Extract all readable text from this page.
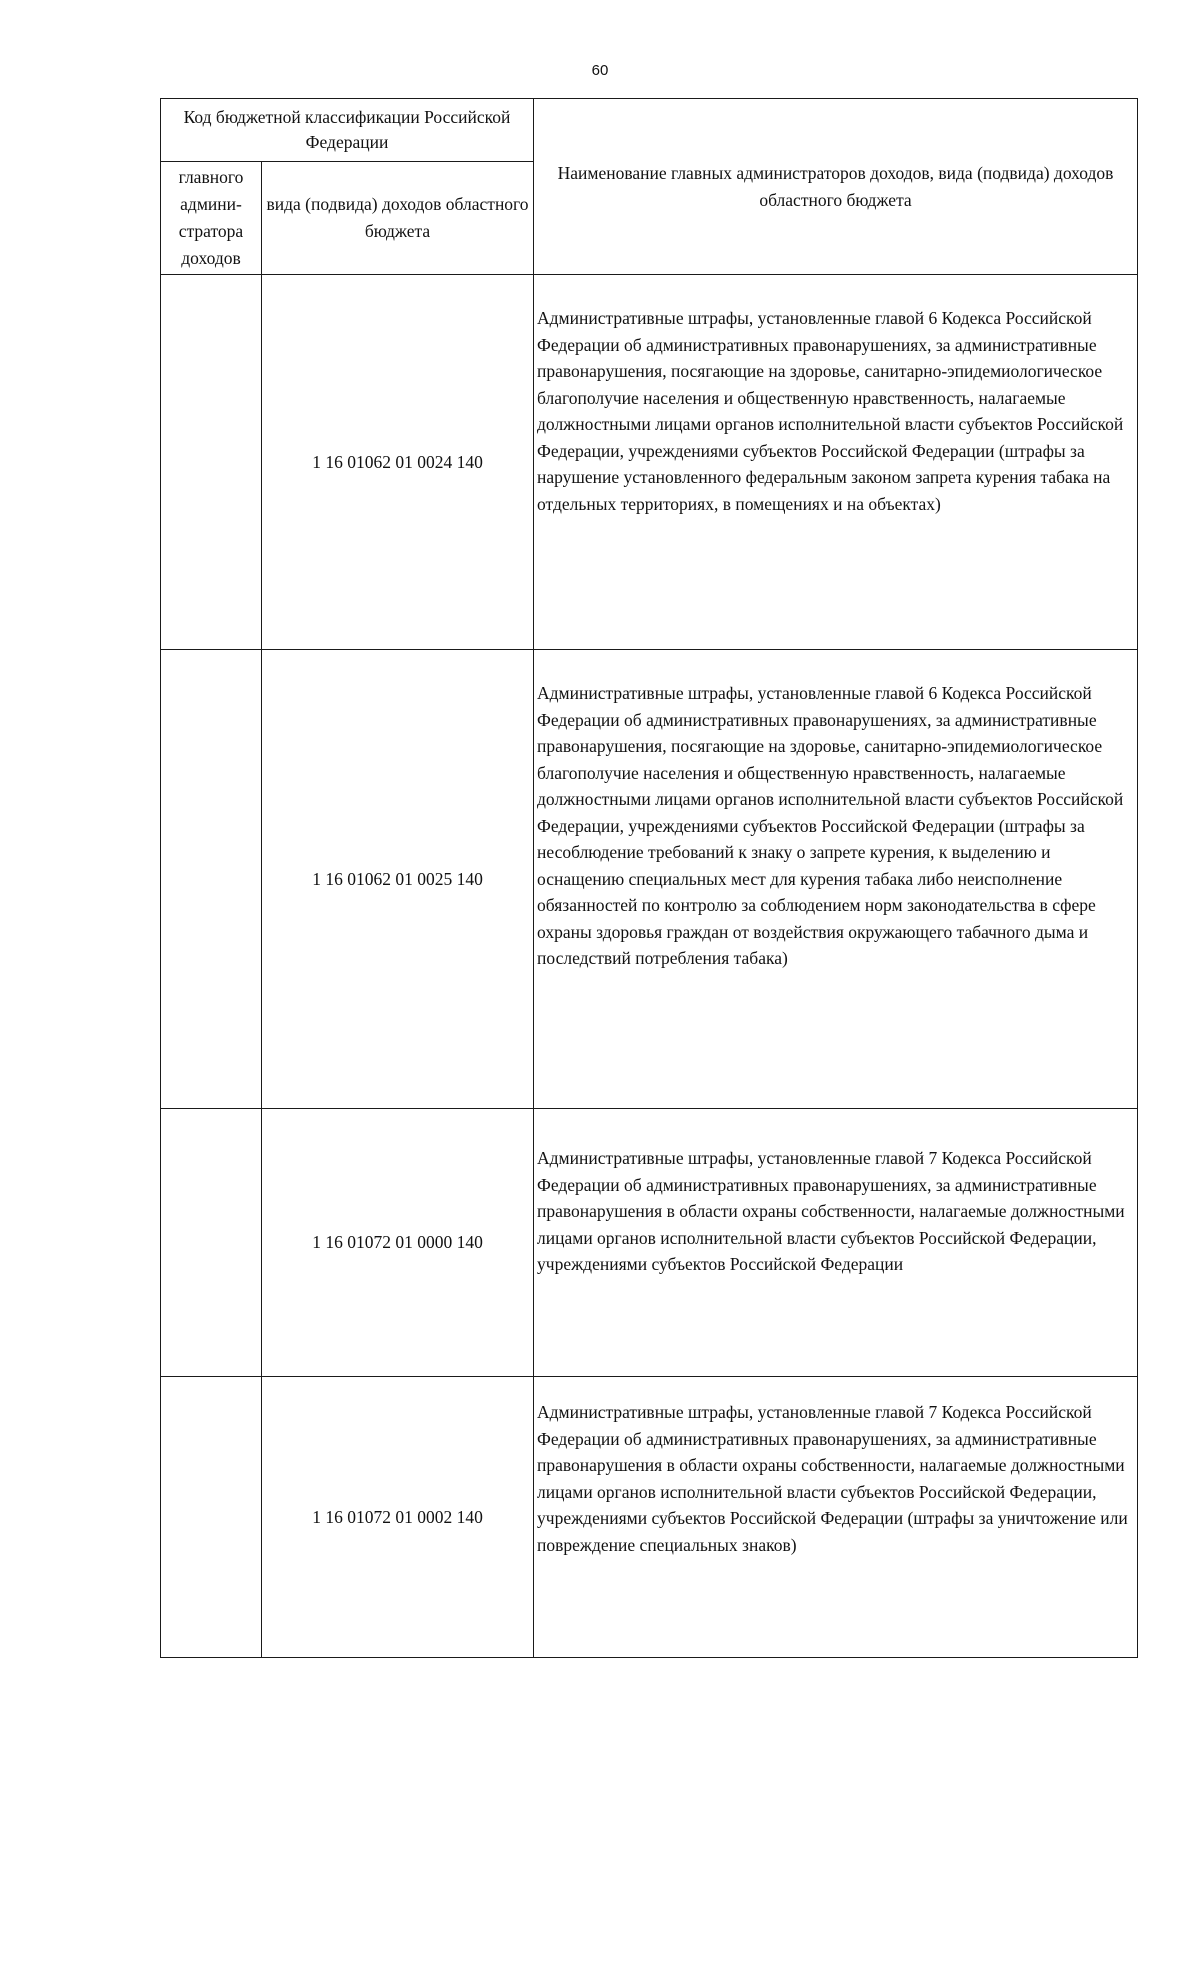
60
Код бюджетной классификации Российской Федерации		Наименование главных администраторов доходов, вида (подвида) доходов областного бюджета
главного админи-стратора доходов	вида (подвида) доходов областного бюджета	
	1 16 01062 01 0024 140	Административные штрафы, установленные главой 6 Кодекса Российской Федерации об административных правонарушениях, за административные правонарушения, посягающие на здоровье, санитарно-эпидемиологическое благополучие населения и общественную нравственность, налагаемые должностными лицами органов исполнительной власти субъектов Российской Федерации, учреждениями субъектов Российской Федерации (штрафы за нарушение установленного федеральным законом запрета курения табака на отдельных территориях, в помещениях и на объектах)
	1 16 01062 01 0025 140	Административные штрафы, установленные главой 6 Кодекса Российской Федерации об административных правонарушениях, за административные правонарушения, посягающие на здоровье, санитарно-эпидемиологическое благополучие населения и общественную нравственность, налагаемые должностными лицами органов исполнительной власти субъектов Российской Федерации, учреждениями субъектов Российской Федерации (штрафы за несоблюдение требований к знаку о запрете курения, к выделению и оснащению специальных мест для курения табака либо неисполнение обязанностей по контролю за соблюдением норм законодательства в сфере охраны здоровья граждан от воздействия окружающего табачного дыма и последствий потребления табака)
	1 16 01072 01 0000 140	Административные штрафы, установленные главой 7 Кодекса Российской Федерации об административных правонарушениях, за административные правонарушения в области охраны собственности, налагаемые должностными лицами органов исполнительной власти субъектов Российской Федерации, учреждениями субъектов Российской Федерации
	1 16 01072 01 0002 140	Административные штрафы, установленные главой 7 Кодекса Российской Федерации об административных правонарушениях, за административные правонарушения в области охраны собственности, налагаемые должностными лицами органов исполнительной власти субъектов Российской Федерации, учреждениями субъектов Российской Федерации (штрафы за уничтожение или повреждение специальных знаков)
